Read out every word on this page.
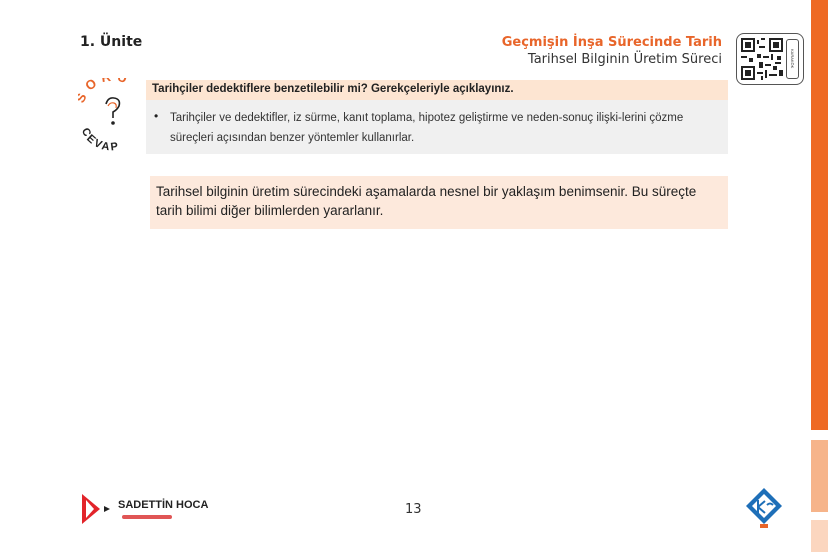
1. Ünite	Geçmişin İnşa Sürecinde Tarih
Tarihsel Bilginin Üretim Süreci	KARAKÖK
O U
CEVAP
Tarihçiler dedektiflere benzetilebilir mi? Gerekçeleriyle açıklayınız.
• Tarihçiler ve dedektifler, iz sürme, kanıt toplama, hipotez geliştirme ve neden-sonuç ilişki-lerini çözme süreçleri açısından benzer yöntemler kullanırlar.
Tarihsel bilginin üretim sürecindeki aşamalarda nesnel bir yaklaşım benimsenir. Bu süreçte tarih bilimi diğer bilimlerden yararlanır.
SADETTİN HOCA	13
